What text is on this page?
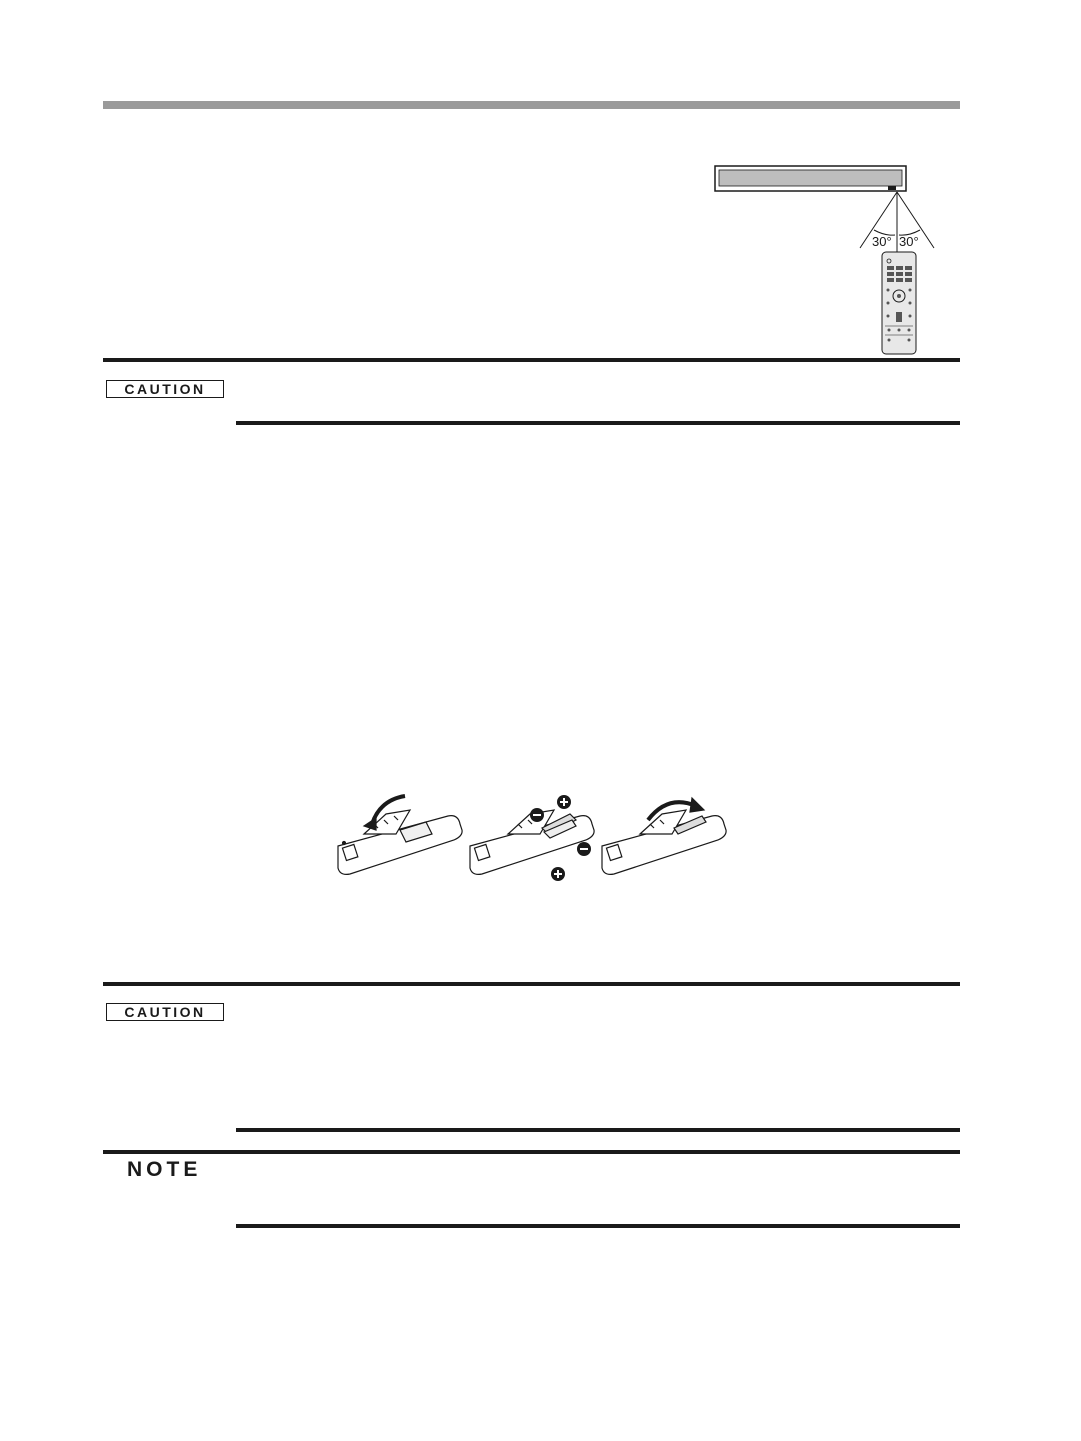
30° 30°
CAUTION
CAUTION
NOTE
